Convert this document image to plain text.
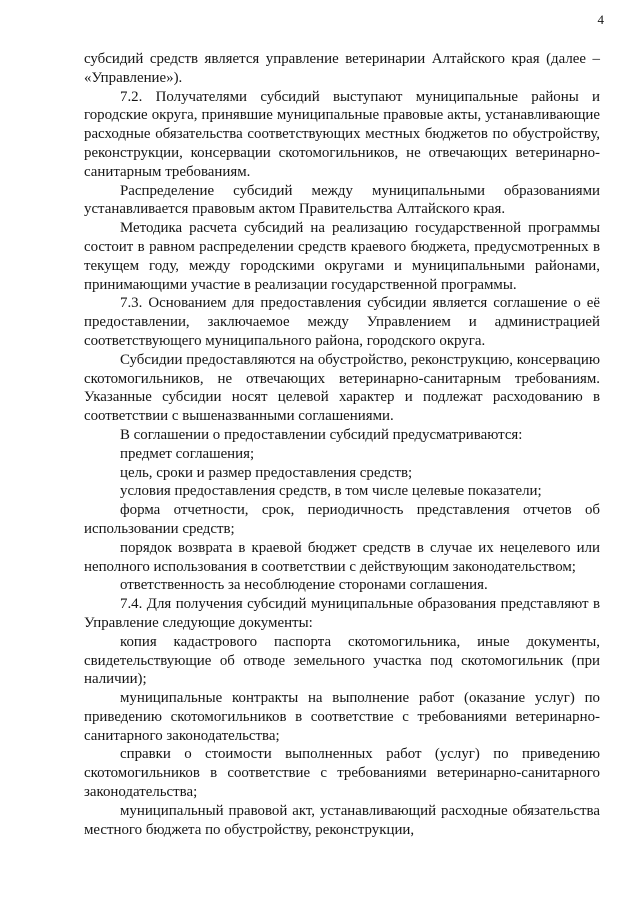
4

субсидий средств является управление ветеринарии Алтайского края (далее – «Управление»).

7.2. Получателями субсидий выступают муниципальные районы и городские округа, принявшие муниципальные правовые акты, устанавливающие расходные обязательства соответствующих местных бюджетов по обустройству, реконструкции, консервации скотомогильников, не отвечающих ветеринарно-санитарным требованиям.

Распределение субсидий между муниципальными образованиями устанавливается правовым актом Правительства Алтайского края.

Методика расчета субсидий на реализацию государственной программы состоит в равном распределении средств краевого бюджета, предусмотренных в текущем году, между городскими округами и муниципальными районами, принимающими участие в реализации государственной программы.

7.3. Основанием для предоставления субсидии является соглашение о её предоставлении, заключаемое между Управлением и администрацией соответствующего муниципального района, городского округа.

Субсидии предоставляются на обустройство, реконструкцию, консервацию скотомогильников, не отвечающих ветеринарно-санитарным требованиям. Указанные субсидии носят целевой характер и подлежат расходованию в соответствии с вышеназванными соглашениями.

В соглашении о предоставлении субсидий предусматриваются:

предмет соглашения;

цель, сроки и размер предоставления средств;

условия предоставления средств, в том числе целевые показатели;

форма отчетности, срок, периодичность представления отчетов об использовании средств;

порядок возврата в краевой бюджет средств в случае их нецелевого или неполного использования в соответствии с действующим законодательством;

ответственность за несоблюдение сторонами соглашения.

7.4. Для получения субсидий муниципальные образования представляют в Управление следующие документы:

копия кадастрового паспорта скотомогильника, иные документы, свидетельствующие об отводе земельного участка под скотомогильник (при наличии);

муниципальные контракты на выполнение работ (оказание услуг) по приведению скотомогильников в соответствие с требованиями ветеринарно-санитарного законодательства;

справки о стоимости выполненных работ (услуг) по приведению скотомогильников в соответствие с требованиями ветеринарно-санитарного законодательства;

муниципальный правовой акт, устанавливающий расходные обязательства местного бюджета по обустройству, реконструкции,
